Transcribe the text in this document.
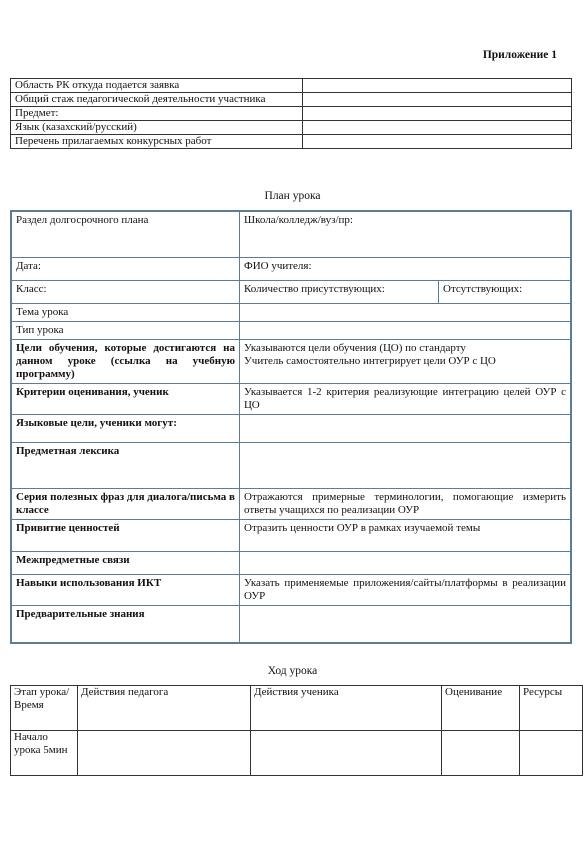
Приложение 1
Область РК откуда подается заявка	
Общий стаж педагогической деятельности участника	
Предмет:	
Язык (казахский/русский)	
Перечень прилагаемых конкурсных работ	
План урока
Раздел долгосрочного плана	Школа/колледж/вуз/пр:	
Дата:	ФИО учителя:	
Класс:	Количество присутствующих:	Отсутствующих:
Тема урока		
Тип урока		
Цели обучения, которые достигаются на данном уроке (ссылка на учебную программу)	Указываются цели обучения (ЦО) по стандарту
Учитель самостоятельно интегрирует цели ОУР с ЦО	

Критерии оценивания, ученик	Указывается 1-2 критерия реализующие интеграцию целей ОУР с ЦО	
Языковые цели, ученики могут:		
Предметная лексика		
Серия полезных фраз для диалога/письма в классе	Отражаются примерные терминологии, помогающие измерить ответы учащихся по реализации ОУР	
Привитие ценностей	Отразить ценности ОУР в рамках изучаемой темы	
Межпредметные связи		
Навыки использования ИКТ	Указать применяемые приложения/сайты/платформы в реализации ОУР	
Предварительные знания		
Ход урока
Этап урока/ Время	Действия педагога	Действия ученика	Оценивание	Ресурсы
Начало урока 5мин				
